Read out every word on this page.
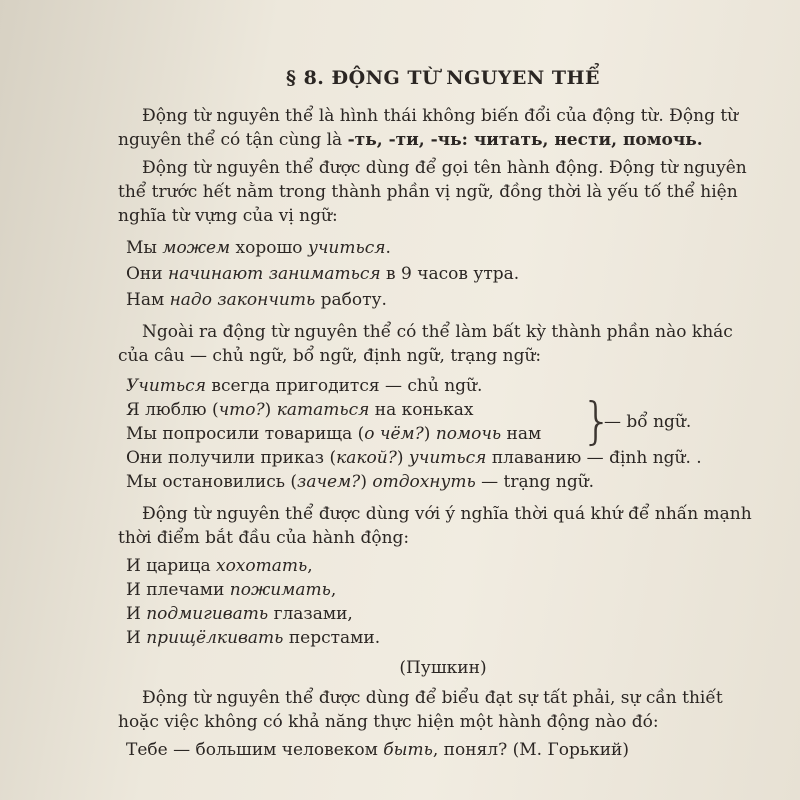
§ 8. ĐỘNG TỪ NGUYEN THỂ
Động từ nguyên thể là hình thái không biến đổi của động từ. Động từ nguyên thể có tận cùng là -ть, -ти, -чь: читать, нести, помочь.
Động từ nguyên thể được dùng để gọi tên hành động. Động từ nguyên thể trước hết nằm trong thành phần vị ngữ, đồng thời là yếu tố thể hiện nghĩa từ vựng của vị ngữ:
Мы можем хорошо учиться.
Они начинают заниматься в 9 часов утра.
Нам надо закончить работу.
Ngoài ra động từ nguyên thể có thể làm bất kỳ thành phần nào khác của câu — chủ ngữ, bổ ngữ, định ngữ, trạng ngữ:
Учиться всегда пригодится — chủ ngữ.
Я люблю (что?) кататься на коньках
Мы попросили товарища (о чём?) помочь нам }
— bổ ngữ.
Они получили приказ (какой?) учиться плаванию — định ngữ. .
Мы остановились (зачем?) отдохнуть — trạng ngữ.
Động từ nguyên thể được dùng với ý nghĩa thời quá khứ để nhấn mạnh thời điểm bắt đầu của hành động:
И царица хохотать,
И плечами пожимать,
И подмигивать глазами,
И прищёлкивать перстами.
(Пушкин)
Động từ nguyên thể được dùng để biểu đạt sự tất phải, sự cần thiết hoặc việc không có khả năng thực hiện một hành động nào đó:
Тебе — большим человеком быть, понял? (М. Горький)
